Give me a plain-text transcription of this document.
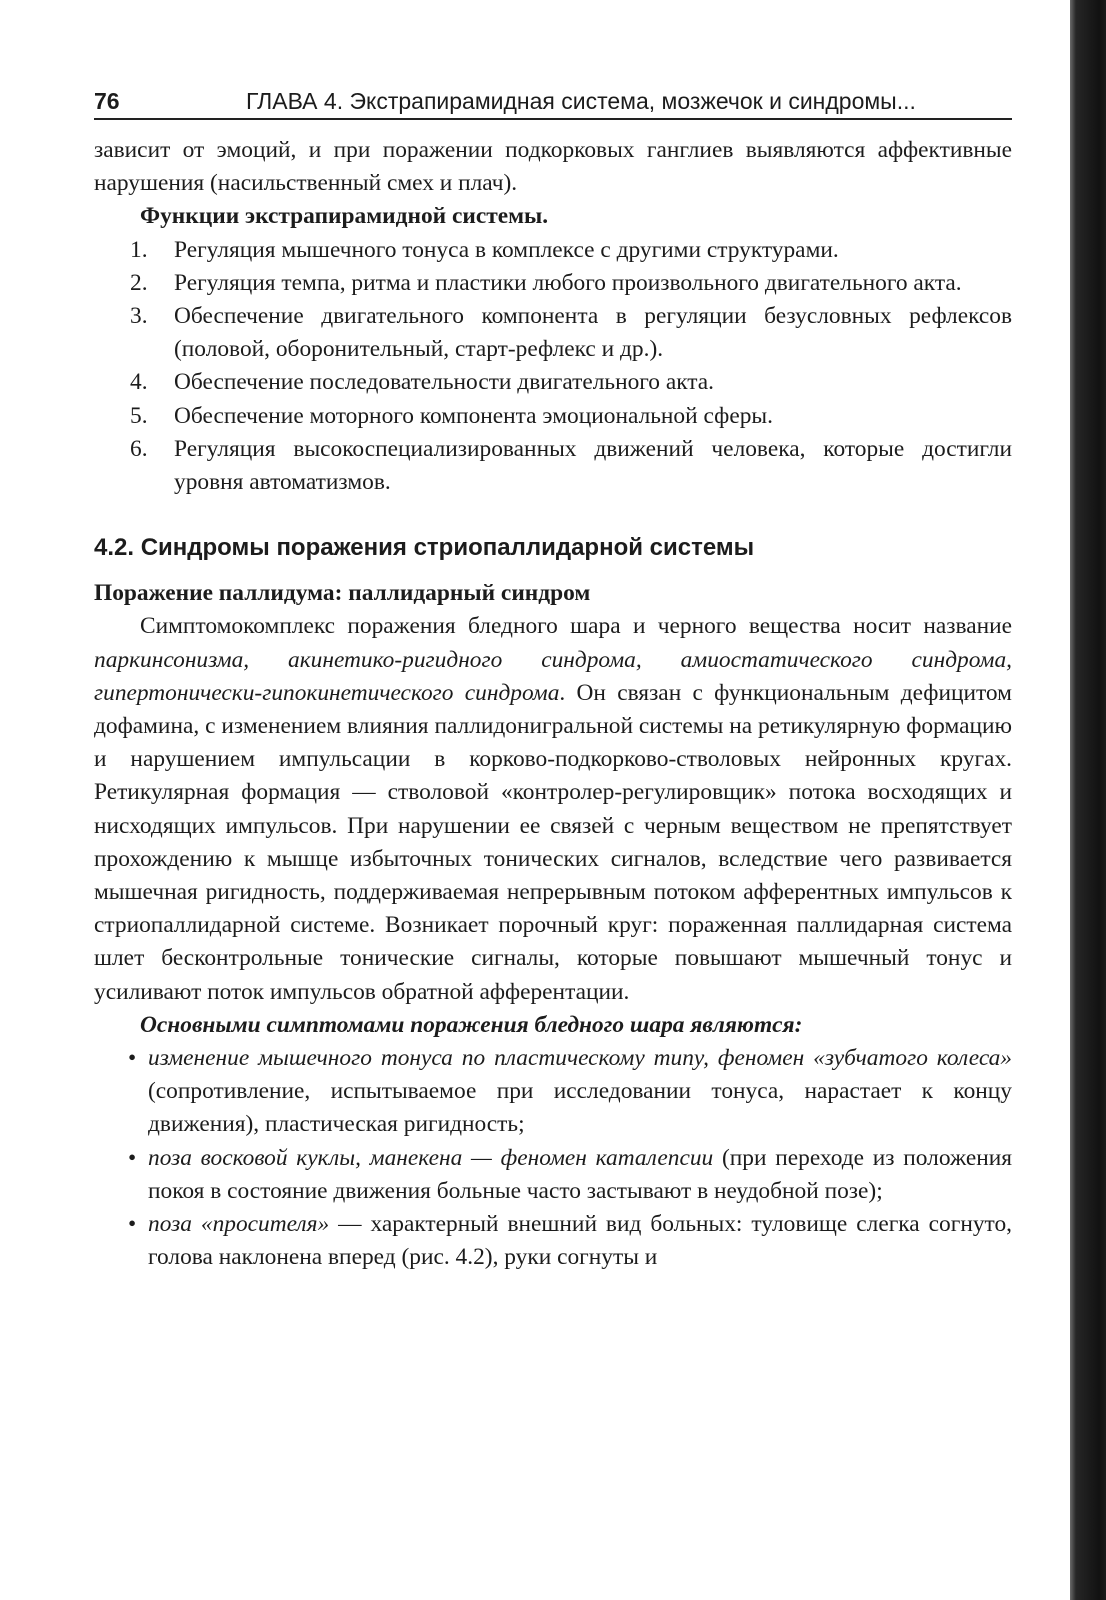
76	ГЛАВА 4. Экстрапирамидная система, мозжечок и синдромы...

зависит от эмоций, и при поражении подкорковых ганглиев выявляются аффективные нарушения (насильственный смех и плач).

Функции экстрапирамидной системы.

1. Регуляция мышечного тонуса в комплексе с другими структурами.
2. Регуляция темпа, ритма и пластики любого произвольного двигательного акта.
3. Обеспечение двигательного компонента в регуляции безусловных рефлексов (половой, оборонительный, старт-рефлекс и др.).
4. Обеспечение последовательности двигательного акта.
5. Обеспечение моторного компонента эмоциональной сферы.
6. Регуляция высокоспециализированных движений человека, которые достигли уровня автоматизмов.
4.2. Синдромы поражения стриопаллидарной системы

Поражение паллидума: паллидарный синдром

Симптомокомплекс поражения бледного шара и черного вещества носит название паркинсонизма, акинетико-ригидного синдрома, амиостатического синдрома, гипертонически-гипокинетического синдрома. Он связан с функциональным дефицитом дофамина, с изменением влияния паллидонигральной системы на ретикулярную формацию и нарушением импульсации в корково-подкорково-стволовых нейронных кругах. Ретикулярная формация — стволовой «контролер-регулировщик» потока восходящих и нисходящих импульсов. При нарушении ее связей с черным веществом не препятствует прохождению к мышце избыточных тонических сигналов, вследствие чего развивается мышечная ригидность, поддерживаемая непрерывным потоком афферентных импульсов к стриопаллидарной системе. Возникает порочный круг: пораженная паллидарная система шлет бесконтрольные тонические сигналы, которые повышают мышечный тонус и усиливают поток импульсов обратной афферентации.

Основными симптомами поражения бледного шара являются:

• изменение мышечного тонуса по пластическому типу, феномен «зубчатого колеса» (сопротивление, испытываемое при исследовании тонуса, нарастает к концу движения), пластическая ригидность;
• поза восковой куклы, манекена — феномен каталепсии (при переходе из положения покоя в состояние движения больные часто застывают в неудобной позе);
• поза «просителя» — характерный внешний вид больных: туловище слегка согнуто, голова наклонена вперед (рис. 4.2), руки согнуты и
